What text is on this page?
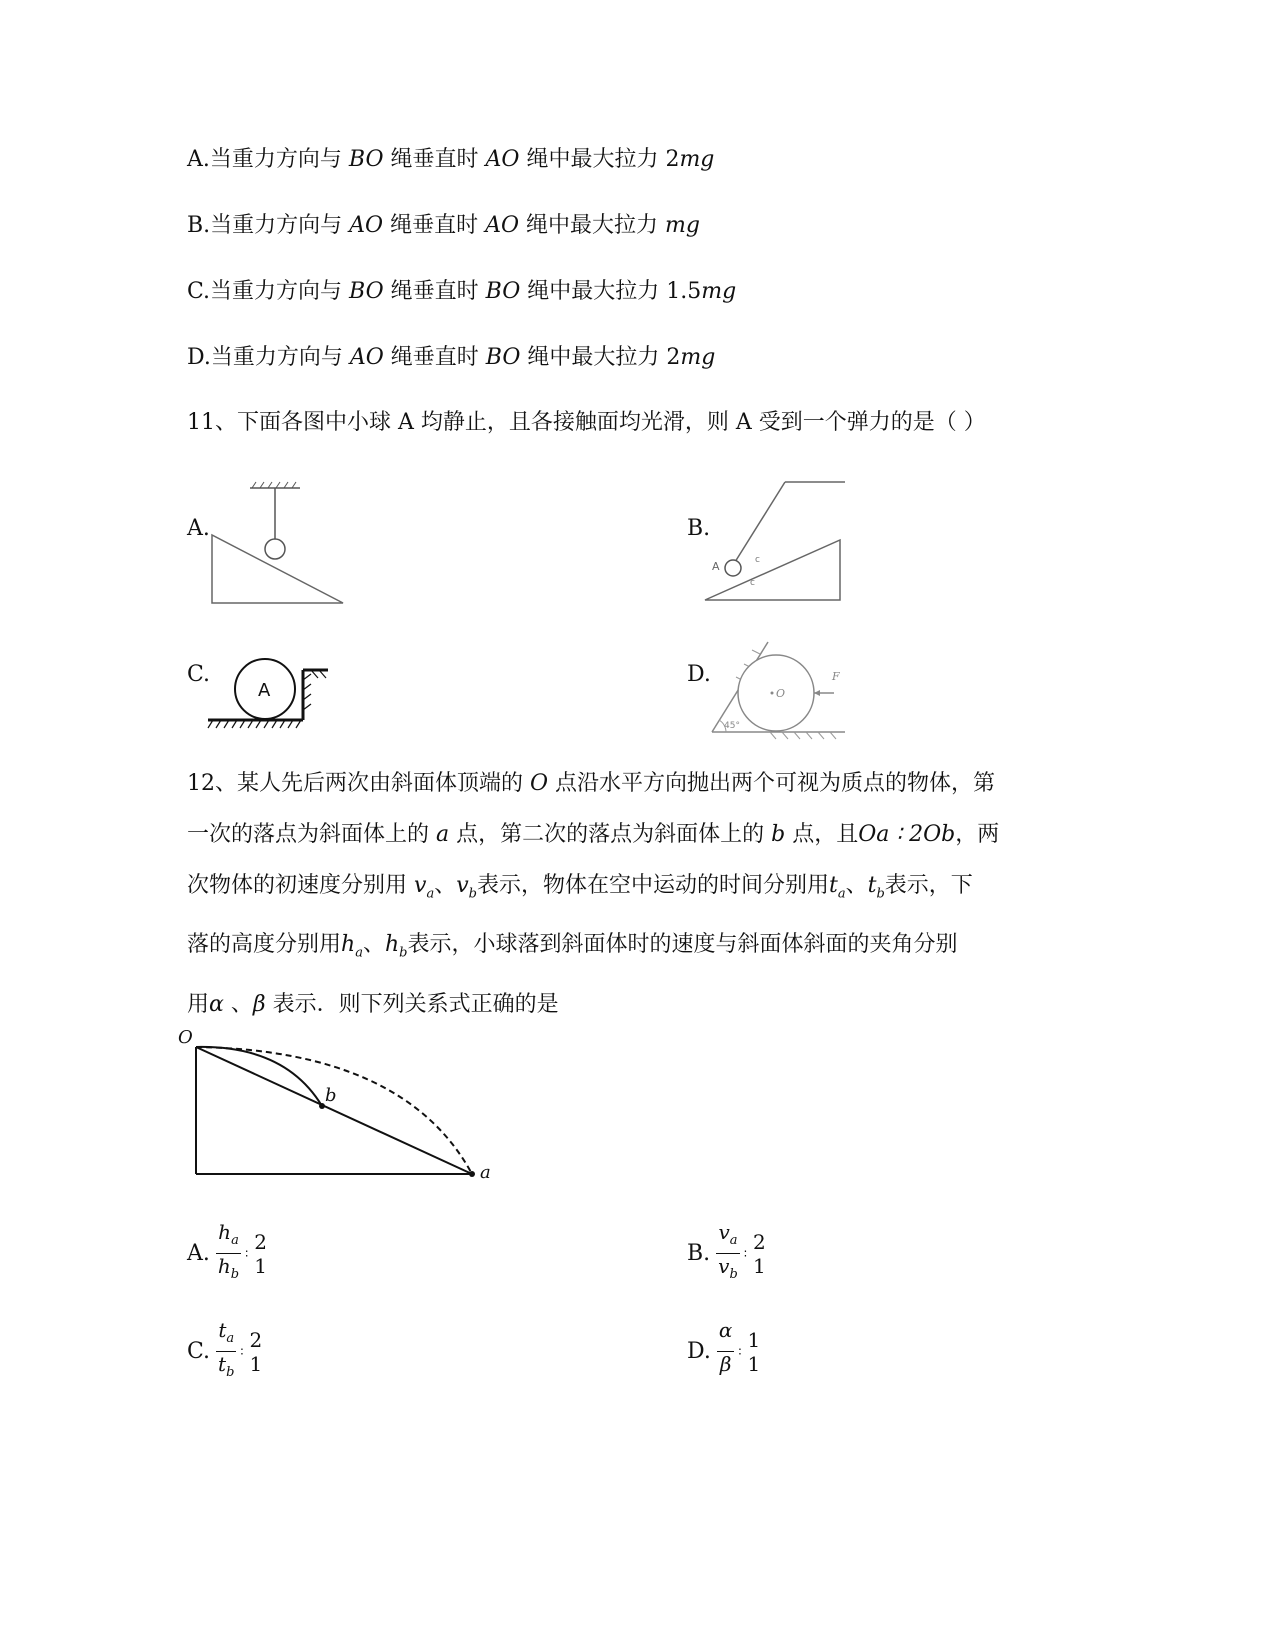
A.当重力方向与 BO 绳垂直时 AO 绳中最大拉力 2mg
B.当重力方向与 AO 绳垂直时 AO 绳中最大拉力 mg
C.当重力方向与 BO 绳垂直时 BO 绳中最大拉力 1.5mg
D.当重力方向与 AO 绳垂直时 BO 绳中最大拉力 2mg
11、下面各图中小球 A 均静止，且各接触面均光滑，则 A 受到一个弹力的是（ ）
A.	B.
A	c
c
C.
A
D.
45°
O
F
12、某人先后两次由斜面体顶端的 O 点沿水平方向抛出两个可视为质点的物体，第
一次的落点为斜面体上的 a 点，第二次的落点为斜面体上的 b 点，且Oa ∶ 2Ob，两
次物体的初速度分别用 $v_a$、$v_b$表示，物体在空中运动的时间分别用$t_a$、$t_b$表示，下
落的高度分别用$h_a$、$h_b$表示，小球落到斜面体时的速度与斜面体斜面的夹角分别
用α 、β 表示．则下列关系式正确的是
O
b
a
A. $\frac{h_a}{h_b}$ ∶ 2
1	B. $\frac{v_a}{v_b}$ ∶ 2
1
C. $\frac{t_a}{t_b}$ ∶ 2
1	D. $\frac{\alpha}{\beta}$ ∶ 1
1
